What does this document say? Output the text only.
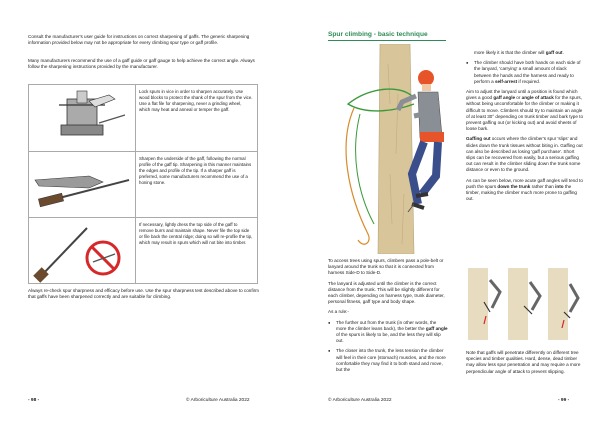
Consult the manufacturer's user guide for instructions on correct sharpening of gaffs. The generic sharpening information provided below may not be appropriate for every climbing spur type or gaff profile.

Many manufacturers recommend the use of a gaff guide or gaff gauge to help achieve the correct angle. Always follow the sharpening instructions provided by the manufacturer.

Lock spurs in vice in order to sharpen accurately. Use wood blocks to protect the shank of the spur from the vice. Use a flat file for sharpening, never a grinding wheel, which may heat and anneal or temper the gaff.

Sharpen the underside of the gaff, following the normal profile of the gaff tip. Sharpening in this manner maintains the edges and profile of the tip. If a sharper gaff is preferred, some manufacturers recommend the use of a honing stone.

If necessary, lightly dress the top side of the gaff to remove burrs and maintain shape. Never file the top side or file back the central ridge; doing so will re-profile the tip, which may result in spurs which will not bite into timber.

Always re-check spur sharpness and efficacy before use. Use the spur sharpness test described above to confirm that gaffs have been sharpened correctly and are suitable for climbing.

- 98 -	© Arboriculture Australia 2022
Spur climbing - basic technique

To access trees using spurs, climbers pass a pole-belt or lanyard around the trunk so that it is connected from harness Side-D to Side-D.

The lanyard is adjusted until the climber is the correct distance from the trunk. This will be slightly different for each climber, depending on harness type, trunk diameter, personal fitness, gaff type and body shape.

As a rule:-

● The further out from the trunk (in other words, the more the climber leans back), the better the gaff angle of the spurs is likely to be, and the less they will slip out.
● The closer into the trunk, the less tension the climber will feel in their core (stomach) muscles, and the more comfortable they may find it to both stand and move, but the

more likely it is that the climber will gaff out.

● The climber should have both hands on each side of the lanyard, 'carrying' a small amount of slack between the hands and the harness and ready to perform a self-arrest if required.

Aim to adjust the lanyard until a position is found which gives a good gaff angle or angle of attack for the spurs, without being uncomfortable for the climber or making it difficult to move. Climbers should try to maintain an angle of at least 30° depending on trunk timber and bark type to prevent gaffing out (or kicking out) and avoid sheets of loose bark.

Gaffing out occurs where the climber's spur 'slips' and slides down the trunk tissues without biting in. Gaffing out can also be described as losing 'gaff purchase'. Short slips can be recovered from easily, but a serious gaffing out can result in the climber sliding down the trunk some distance or even to the ground.

As can be seen below, more acute gaff angles will tend to push the spurs down the trunk rather than into the timber, making the climber much more prone to gaffing out.

Note that gaffs will penetrate differently on different tree species and timber qualities. Hard, dense, dead timber may allow less spur penetration and may require a more perpendicular angle of attack to prevent slipping.

© Arboriculture Australia 2022	- 99 -
